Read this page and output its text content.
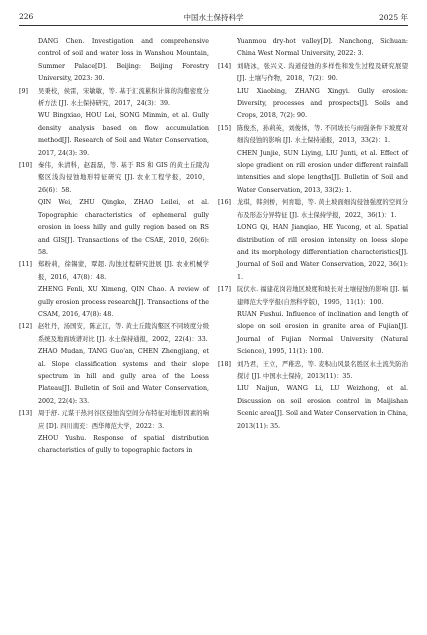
226	中国水土保持科学	2025 年
DANG Chen. Investigation and comprehensive control of soil and water loss in Wanshou Mountain, Summer Palace[D]. Beijing: Beijing Forestry University, 2023: 30.
[9] 吴秉校，侯雷，宋敏敏，等. 基于汇流累积计算的沟壑密度分析方法 [J]. 水土保持研究，2017，24(3)：39.
WU Bingxiao, HOU Lei, SONG Minmin, et al. Gully density analysis based on flow accumulation method[J]. Research of Soil and Water Conservation, 2017, 24(3): 39.
[10] 秦伟，朱清科，赵磊磊，等. 基于 RS 和 GIS 的黄土丘陵沟壑区浅沟侵蚀地形特征研究 [J]. 农业工程学报，2010，26(6)：58.
QIN Wei, ZHU Qingke, ZHAO Leilei, et al. Topographic characteristics of ephemeral gully erosion in loess hilly and gully region based on RS and GIS[J]. Transactions of the CSAE, 2010, 26(6): 58.
[11] 郑粉莉，徐锡蒙，覃超. 沟蚀过程研究进展 [J]. 农业机械学报，2016，47(8)：48.
ZHENG Fenli, XU Ximeng, QIN Chao. A review of gully erosion process research[J]. Transactions of the CSAM, 2016, 47(8): 48.
[12] 赵牡丹，汤国安，陈正江，等. 黄土丘陵沟壑区不同坡度分级系统及地面坡谱对比 [J]. 水土保持通报，2002，22(4)：33.
ZHAO Mudan, TANG Guo'an, CHEN Zhengjiang, et al. Slope classification systems and their slope spectrum in hill and gully area of the Loess Plateau[J]. Bulletin of Soil and Water Conservation, 2002, 22(4): 33.
[13] 周于舒. 元谋干热河谷区侵蚀沟空间分布特征对地形因素的响应 [D]. 四川南充：西华师范大学，2022：3.
ZHOU Yushu. Response of spatial distribution characteristics of gully to topographic factors in
Yuanmou dry-hot valley[D]. Nanchong, Sichuan: China West Normal University, 2022: 3.
[14] 刘晓冰，张兴义. 沟道侵蚀的多样性和发生过程及研究展望 [J]. 土壤与作物，2018，7(2)：90.
LIU Xiaobing, ZHANG Xingyi. Gully erosion: Diversity, processes and prospects[J]. Soils and Crops, 2018, 7(2): 90.
[15] 陈俊杰，孙莉英，刘俊体，等. 不同坡长与雨强条件下坡度对细沟侵蚀的影响 [J]. 水土保持通报，2013，33(2)：1.
CHEN Junjie, SUN Liying, LIU Junti, et al. Effect of slope gradient on rill erosion under different rainfall intensities and slope lengths[J]. Bulletin of Soil and Water Conservation, 2013, 33(2): 1.
[16] 龙琪，韩剑桥，何育聪，等. 黄土坡面细沟侵蚀强度的空间分布及形态分异特征 [J]. 水土保持学报，2022，36(1)：1.
LONG Qi, HAN Jianqiao, HE Yucong, et al. Spatial distribution of rill erosion intensity on loess slope and its morphology differentiation characteristics[J]. Journal of Soil and Water Conservation, 2022, 36(1): 1.
[17] 阮伏水. 福建花岗岩地区坡度和坡长对土壤侵蚀的影响 [J]. 福建师范大学学报(自然科学版)，1995，11(1)：100.
RUAN Fushui. Influence of inclination and length of slope on soil erosion in granite area of Fujian[J]. Journal of Fujian Normal University (Natural Science), 1995, 11(1): 100.
[18] 刘乃君，王立，严稚忠，等. 麦积山风景名胜区水土流失防治探讨 [J]. 中国水土保持，2013(11)：35.
LIU Naijun, WANG Li, LU Weizhong, et al. Discussion on soil erosion control in Maijishan Scenic area[J]. Soil and Water Conservation in China, 2013(11): 35.
